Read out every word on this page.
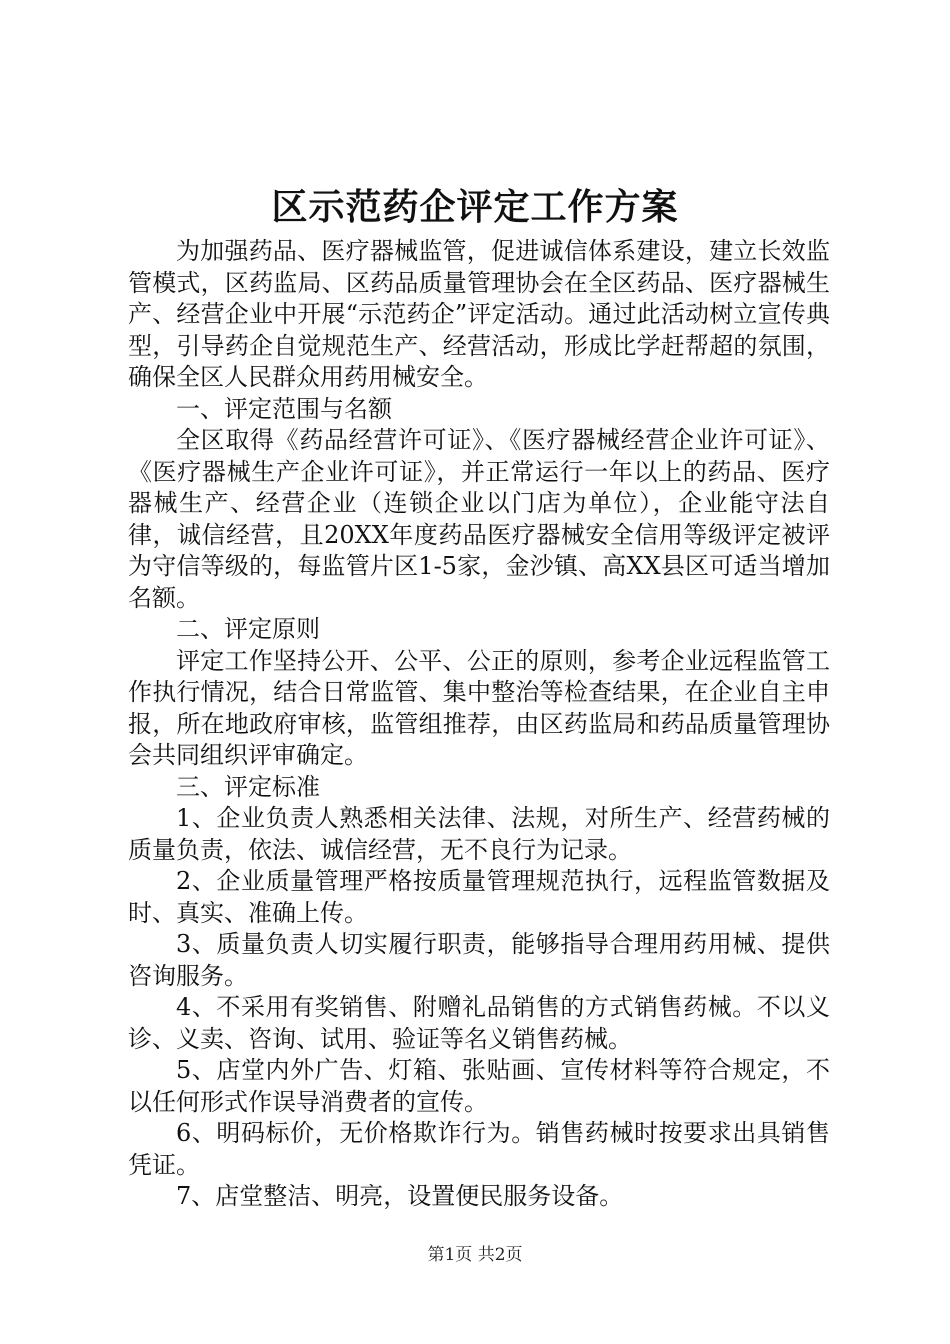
区示范药企评定工作方案

为加强药品、医疗器械监管，促进诚信体系建设，建立长效监管模式，区药监局、区药品质量管理协会在全区药品、医疗器械生产、经营企业中开展“示范药企”评定活动。通过此活动树立宣传典型，引导药企自觉规范生产、经营活动，形成比学赶帮超的氛围，确保全区人民群众用药用械安全。

一、评定范围与名额

全区取得《药品经营许可证》、《医疗器械经营企业许可证》、《医疗器械生产企业许可证》，并正常运行一年以上的药品、医疗器械生产、经营企业（连锁企业以门店为单位），企业能守法自律，诚信经营，且20XX年度药品医疗器械安全信用等级评定被评为守信等级的，每监管片区1-5家，金沙镇、高XX县区可适当增加名额。

二、评定原则

评定工作坚持公开、公平、公正的原则，参考企业远程监管工作执行情况，结合日常监管、集中整治等检查结果，在企业自主申报，所在地政府审核，监管组推荐，由区药监局和药品质量管理协会共同组织评审确定。

三、评定标准

1、企业负责人熟悉相关法律、法规，对所生产、经营药械的质量负责，依法、诚信经营，无不良行为记录。

2、企业质量管理严格按质量管理规范执行，远程监管数据及时、真实、准确上传。

3、质量负责人切实履行职责，能够指导合理用药用械、提供咨询服务。

4、不采用有奖销售、附赠礼品销售的方式销售药械。不以义诊、义卖、咨询、试用、验证等名义销售药械。

5、店堂内外广告、灯箱、张贴画、宣传材料等符合规定，不以任何形式作误导消费者的宣传。

6、明码标价，无价格欺诈行为。销售药械时按要求出具销售凭证。

7、店堂整洁、明亮，设置便民服务设备。

第1页 共2页
